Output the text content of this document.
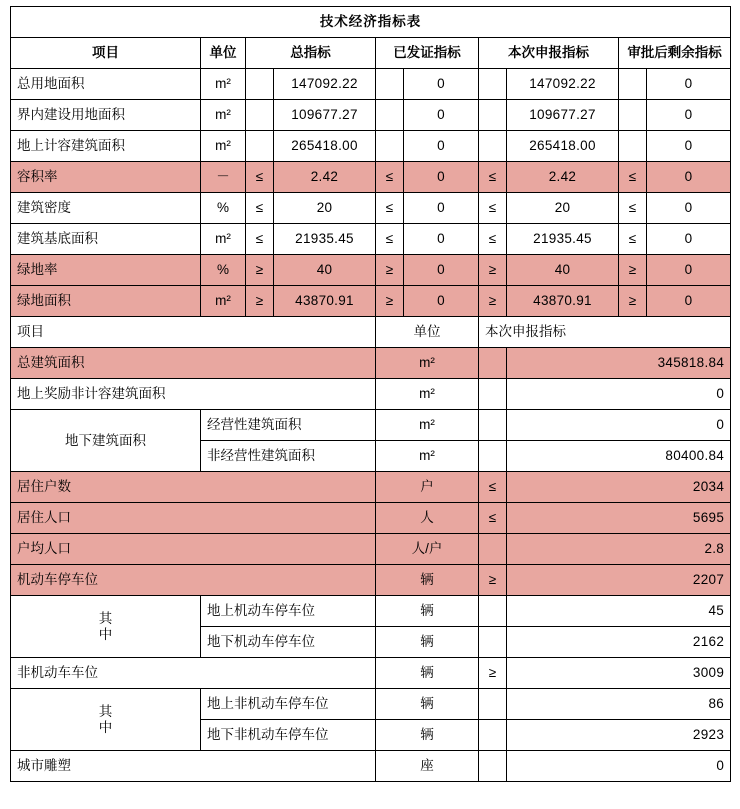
技术经济指标表									
项目	单位	总指标		已发证指标		本次申报指标		审批后剩余指标	
总用地面积	m²		147092.22		0		147092.22		0
界内建设用地面积	m²		109677.27		0		109677.27		0
地上计容建筑面积	m²		265418.00		0		265418.00		0
容积率	－	≤	2.42	≤	0	≤	2.42	≤	0
建筑密度	%	≤	20	≤	0	≤	20	≤	0
建筑基底面积	m²	≤	21935.45	≤	0	≤	21935.45	≤	0
绿地率	%	≥	40	≥	0	≥	40	≥	0
绿地面积	m²	≥	43870.91	≥	0	≥	43870.91	≥	0
项目				单位		本次申报指标			
总建筑面积				m²			345818.84		
地上奖励非计容建筑面积				m²			0		
地下建筑面积	经营性建筑面积			m²			0		
	非经营性建筑面积			m²			80400.84		
居住户数				户		≤	2034		
居住人口				人		≤	5695		
户均人口				人/户			2.8		
机动车停车位				辆		≥	2207		

其
中	地上机动车停车位			辆			45		
	地下机动车停车位			辆			2162		
非机动车车位				辆		≥	3009		

其
中	地上非机动车停车位			辆			86		
	地下非机动车停车位			辆			2923		
城市雕塑				座			0		
